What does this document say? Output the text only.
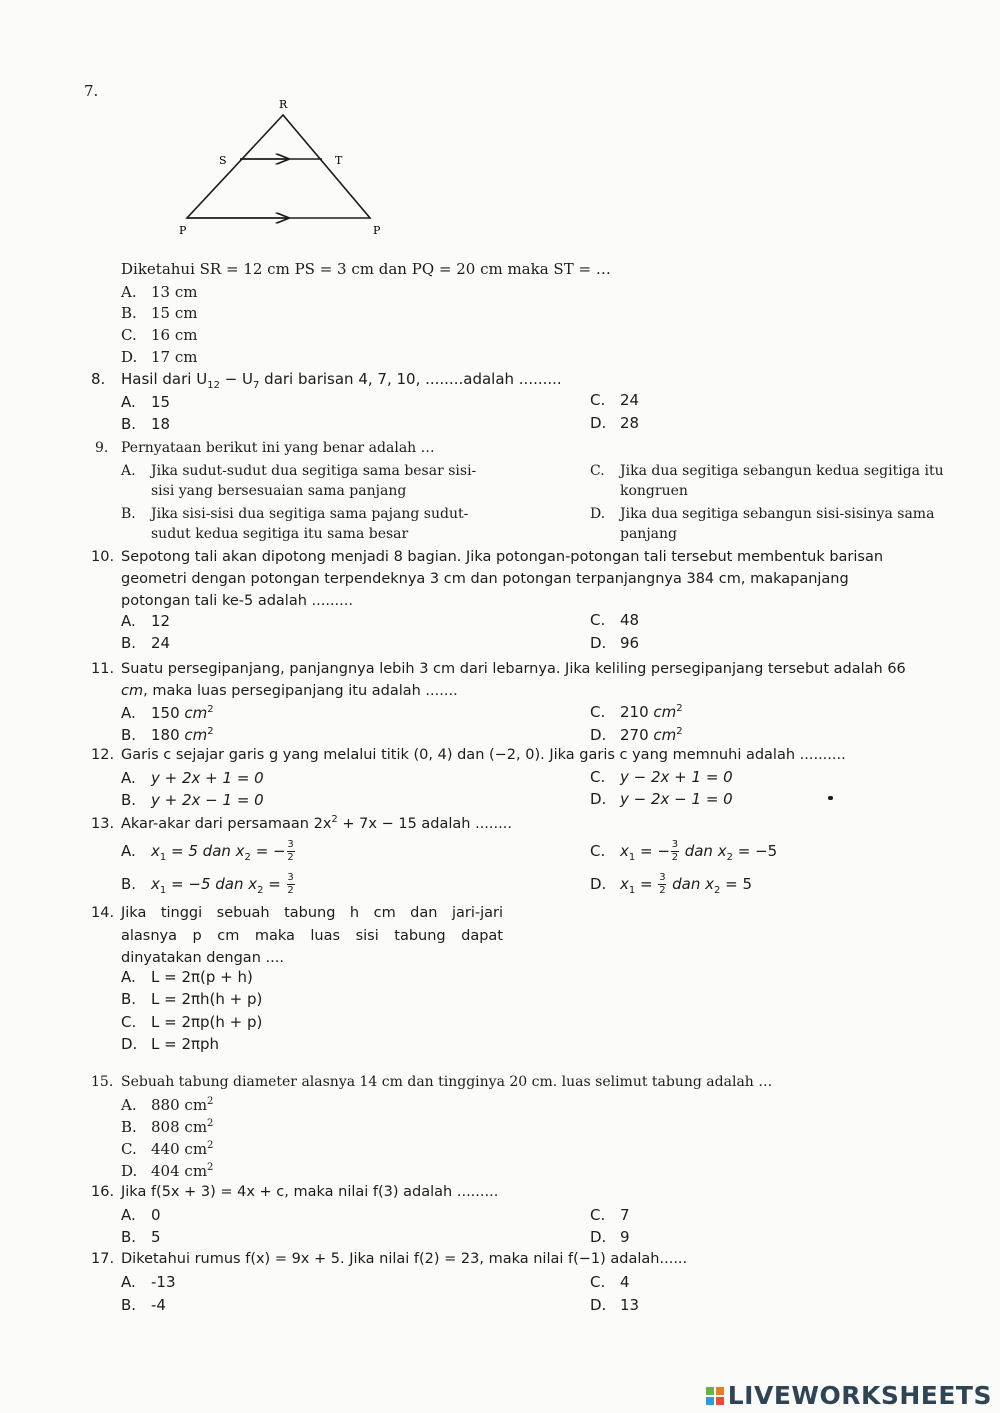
7.
R
S	T
P	P
Diketahui SR = 12 cm PS = 3 cm dan PQ = 20 cm maka ST = …
A. 13 cm
B. 15 cm
C. 16 cm
D. 17 cm
8. Hasil dari $U_{12} - U_7$ dari barisan 4, 7, 10, ........adalah .........
A. 15
B. 18
C. 24
D. 28
9. Pernyataan berikut ini yang benar adalah …
A. Jika sudut-sudut dua segitiga sama besar sisi-
sisi yang bersesuaian sama panjang
B. Jika sisi-sisi dua segitiga sama pajang sudut-
sudut kedua segitiga itu sama besar
C. Jika dua segitiga sebangun kedua segitiga itu
kongruen
D. Jika dua segitiga sebangun sisi-sisinya sama
panjang
10. Sepotong tali akan dipotong menjadi 8 bagian. Jika potongan-potongan tali tersebut membentuk barisan
geometri dengan potongan terpendeknya 3 cm dan potongan terpanjangnya 384 cm, makapanjang
potongan tali ke-5 adalah .........
A. 12
B. 24
C. 48
D. 96
11. Suatu persegipanjang, panjangnya lebih 3 cm dari lebarnya. Jika keliling persegipanjang tersebut adalah 66
cm, maka luas persegipanjang itu adalah .......
A. 150 $cm^2$
B. 180 $cm^2$
C. 210 $cm^2$
D. 270 $cm^2$
12. Garis c sejajar garis g yang melalui titik (0, 4) dan (−2, 0). Jika garis c yang memnuhi adalah ..........
A. y + 2x + 1 = 0
B. y + 2x − 1 = 0
C. y − 2x + 1 = 0
D. y − 2x − 1 = 0
13. Akar-akar dari persamaan $2x^2 + 7x - 15$ adalah ........
A. $x_1 = 5$ dan $x_2$ = − $\frac{3}{2}$
B. $x_1 = -5$ dan $x_2 = \frac{3}{2}$
C. $x_1$ = − $\frac{3}{2}$ dan $x_2 = -5$
D. $x_1 = \frac{3}{2}$ dan $x_2 = 5$
14. Jika tinggi sebuah tabung h cm dan jari-jari
alasnya p cm maka luas sisi tabung dapat
dinyatakan dengan ....
A. L = 2π(p + h)
B. L = 2πh(h + p)
C. L = 2πp(h + p)
D. L = 2πph
15. Sebuah tabung diameter alasnya 14 cm dan tingginya 20 cm. luas selimut tabung adalah …
A. 880 $cm^2$
B. 808 $cm^2$
C. 440 $cm^2$
D. 404 $cm^2$
16. Jika f(5x + 3) = 4x + c, maka nilai f(3) adalah .........
A. 0
B. 5
C. 7
D. 9
17. Diketahui rumus f(x) = 9x + 5. Jika nilai f(2) = 23, maka nilai f(−1) adalah......
A. -13
B. -4
C. 4
D. 13
LIVEWORKSHEETS
